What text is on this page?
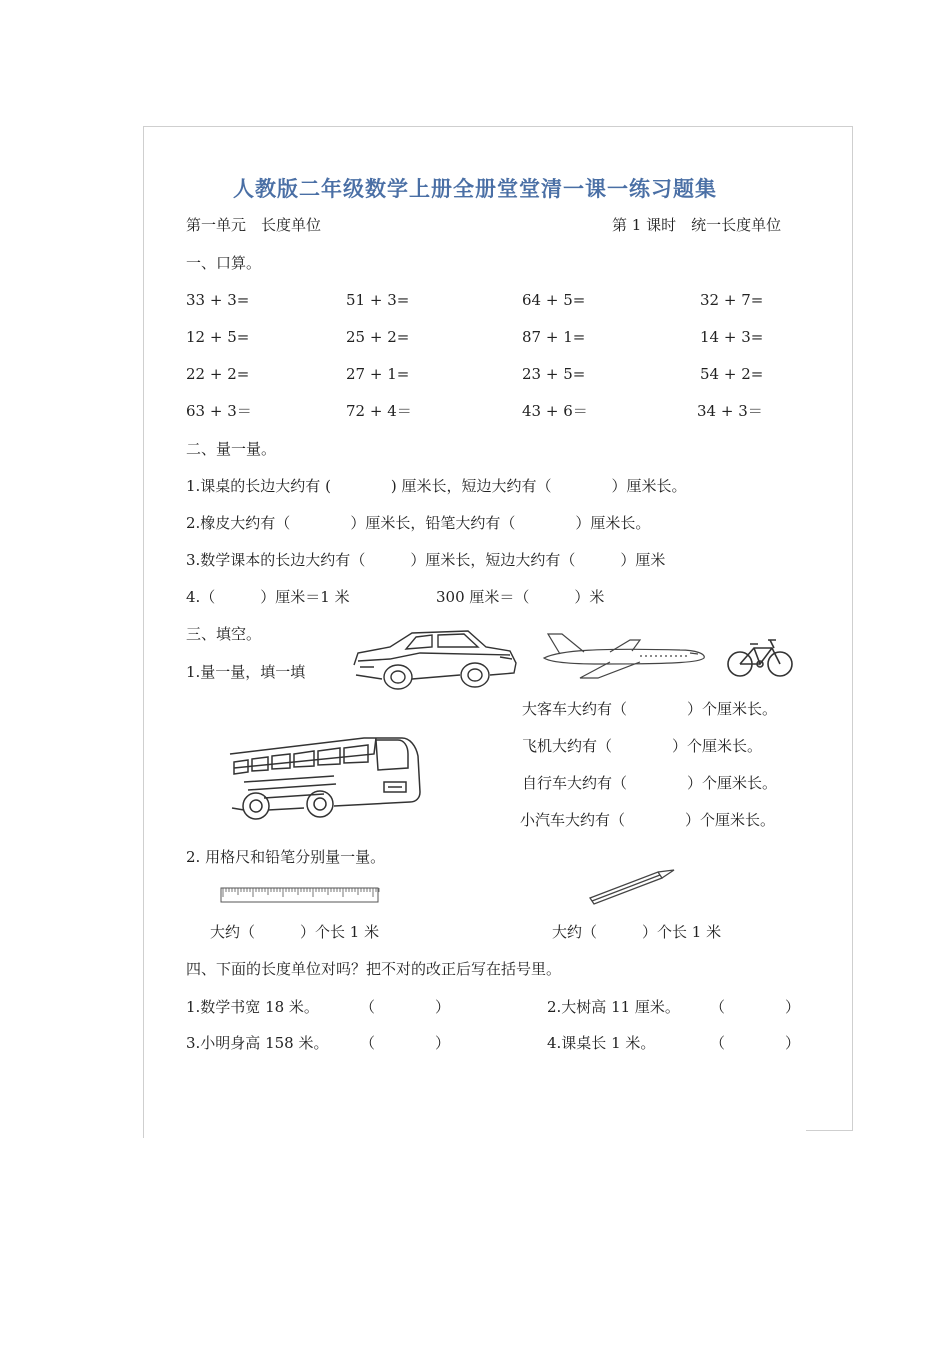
人教版二年级数学上册全册堂堂清一课一练习题集
第一单元　长度单位	第 1 课时　统一长度单位
一、口算。
33 + 3=	51 + 3=	64 + 5=	32 + 7=
12 + 5=	25 + 2=	87 + 1=	14 + 3=
22 + 2=	27 + 1=	23 + 5=	54 + 2=
63 + 3＝	72 + 4＝	43 + 6＝	34 + 3＝
二、量一量。
1.课桌的长边大约有 (　　　　) 厘米长，短边大约有（　　　　）厘米长。
2.橡皮大约有（　　　　）厘米长，铅笔大约有（　　　　）厘米长。
3.数学课本的长边大约有（　　　）厘米长，短边大约有（　　　）厘米
4.（　　　）厘米＝1 米	300 厘米＝（　　　）米
三、填空。
1.量一量，填一填
大客车大约有（　　　　）个厘米长。
飞机大约有（　　　　）个厘米长。
自行车大约有（　　　　）个厘米长。
小汽车大约有（　　　　）个厘米长。
2. 用格尺和铅笔分别量一量。
大约（　　　）个长 1 米	大约（　　　）个长 1 米
四、下面的长度单位对吗？把不对的改正后写在括号里。
1.数学书宽 18 米。	（　　　　）	2.大树高 11 厘米。 （　　　　）
3.小明身高 158 米。 （　　　　）	4.课桌长 1 米。	（　　　　）
